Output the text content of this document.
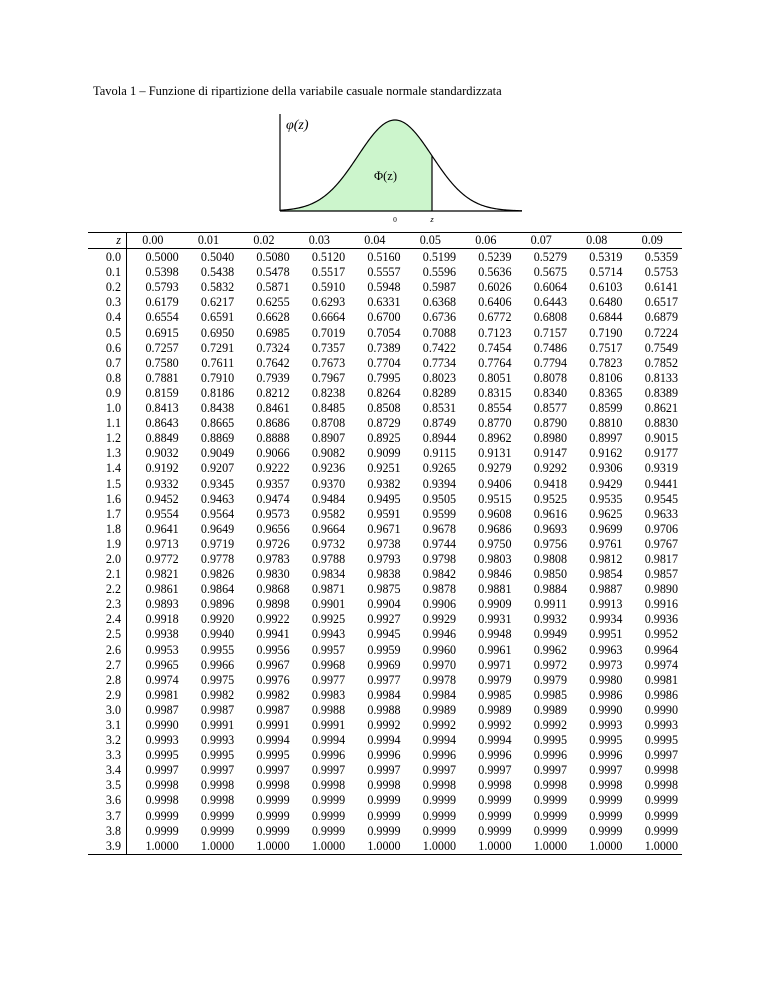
Tavola 1 – Funzione di ripartizione della variabile casuale normale standardizzata
φ(z)
Φ(z)
0	z
z	0.00	0.01	0.02	0.03	0.04	0.05	0.06	0.07	0.08	0.09
0.0	0.5000	0.5040	0.5080	0.5120	0.5160	0.5199	0.5239	0.5279	0.5319	0.5359
0.1	0.5398	0.5438	0.5478	0.5517	0.5557	0.5596	0.5636	0.5675	0.5714	0.5753
0.2	0.5793	0.5832	0.5871	0.5910	0.5948	0.5987	0.6026	0.6064	0.6103	0.6141
0.3	0.6179	0.6217	0.6255	0.6293	0.6331	0.6368	0.6406	0.6443	0.6480	0.6517
0.4	0.6554	0.6591	0.6628	0.6664	0.6700	0.6736	0.6772	0.6808	0.6844	0.6879
0.5	0.6915	0.6950	0.6985	0.7019	0.7054	0.7088	0.7123	0.7157	0.7190	0.7224
0.6	0.7257	0.7291	0.7324	0.7357	0.7389	0.7422	0.7454	0.7486	0.7517	0.7549
0.7	0.7580	0.7611	0.7642	0.7673	0.7704	0.7734	0.7764	0.7794	0.7823	0.7852
0.8	0.7881	0.7910	0.7939	0.7967	0.7995	0.8023	0.8051	0.8078	0.8106	0.8133
0.9	0.8159	0.8186	0.8212	0.8238	0.8264	0.8289	0.8315	0.8340	0.8365	0.8389
1.0	0.8413	0.8438	0.8461	0.8485	0.8508	0.8531	0.8554	0.8577	0.8599	0.8621
1.1	0.8643	0.8665	0.8686	0.8708	0.8729	0.8749	0.8770	0.8790	0.8810	0.8830
1.2	0.8849	0.8869	0.8888	0.8907	0.8925	0.8944	0.8962	0.8980	0.8997	0.9015
1.3	0.9032	0.9049	0.9066	0.9082	0.9099	0.9115	0.9131	0.9147	0.9162	0.9177
1.4	0.9192	0.9207	0.9222	0.9236	0.9251	0.9265	0.9279	0.9292	0.9306	0.9319
1.5	0.9332	0.9345	0.9357	0.9370	0.9382	0.9394	0.9406	0.9418	0.9429	0.9441
1.6	0.9452	0.9463	0.9474	0.9484	0.9495	0.9505	0.9515	0.9525	0.9535	0.9545
1.7	0.9554	0.9564	0.9573	0.9582	0.9591	0.9599	0.9608	0.9616	0.9625	0.9633
1.8	0.9641	0.9649	0.9656	0.9664	0.9671	0.9678	0.9686	0.9693	0.9699	0.9706
1.9	0.9713	0.9719	0.9726	0.9732	0.9738	0.9744	0.9750	0.9756	0.9761	0.9767
2.0	0.9772	0.9778	0.9783	0.9788	0.9793	0.9798	0.9803	0.9808	0.9812	0.9817
2.1	0.9821	0.9826	0.9830	0.9834	0.9838	0.9842	0.9846	0.9850	0.9854	0.9857
2.2	0.9861	0.9864	0.9868	0.9871	0.9875	0.9878	0.9881	0.9884	0.9887	0.9890
2.3	0.9893	0.9896	0.9898	0.9901	0.9904	0.9906	0.9909	0.9911	0.9913	0.9916
2.4	0.9918	0.9920	0.9922	0.9925	0.9927	0.9929	0.9931	0.9932	0.9934	0.9936
2.5	0.9938	0.9940	0.9941	0.9943	0.9945	0.9946	0.9948	0.9949	0.9951	0.9952
2.6	0.9953	0.9955	0.9956	0.9957	0.9959	0.9960	0.9961	0.9962	0.9963	0.9964
2.7	0.9965	0.9966	0.9967	0.9968	0.9969	0.9970	0.9971	0.9972	0.9973	0.9974
2.8	0.9974	0.9975	0.9976	0.9977	0.9977	0.9978	0.9979	0.9979	0.9980	0.9981
2.9	0.9981	0.9982	0.9982	0.9983	0.9984	0.9984	0.9985	0.9985	0.9986	0.9986
3.0	0.9987	0.9987	0.9987	0.9988	0.9988	0.9989	0.9989	0.9989	0.9990	0.9990
3.1	0.9990	0.9991	0.9991	0.9991	0.9992	0.9992	0.9992	0.9992	0.9993	0.9993
3.2	0.9993	0.9993	0.9994	0.9994	0.9994	0.9994	0.9994	0.9995	0.9995	0.9995
3.3	0.9995	0.9995	0.9995	0.9996	0.9996	0.9996	0.9996	0.9996	0.9996	0.9997
3.4	0.9997	0.9997	0.9997	0.9997	0.9997	0.9997	0.9997	0.9997	0.9997	0.9998
3.5	0.9998	0.9998	0.9998	0.9998	0.9998	0.9998	0.9998	0.9998	0.9998	0.9998
3.6	0.9998	0.9998	0.9999	0.9999	0.9999	0.9999	0.9999	0.9999	0.9999	0.9999
3.7	0.9999	0.9999	0.9999	0.9999	0.9999	0.9999	0.9999	0.9999	0.9999	0.9999
3.8	0.9999	0.9999	0.9999	0.9999	0.9999	0.9999	0.9999	0.9999	0.9999	0.9999
3.9	1.0000	1.0000	1.0000	1.0000	1.0000	1.0000	1.0000	1.0000	1.0000	1.0000
